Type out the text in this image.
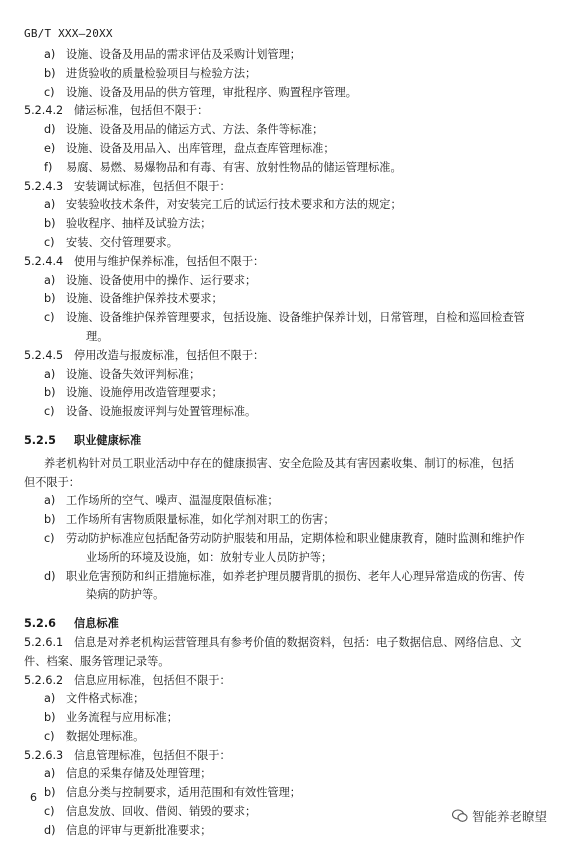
GB/T XXX—20XX
a) 设施、设备及用品的需求评估及采购计划管理；
b) 进货验收的质量检验项目与检验方法；
c)	设施、设备及用品的供方管理，审批程序、购置程序管理。
5.2.4.2 储运标准，包括但不限于：
d) 设施、设备及用品的储运方式、方法、条件等标准；
e) 设施、设备及用品入、出库管理，盘点查库管理标准；
f)	易腐、易燃、易爆物品和有毒、有害、放射性物品的储运管理标准。
5.2.4.3 安装调试标准，包括但不限于：
a) 安装验收技术条件，对安装完工后的试运行技术要求和方法的规定；
b) 验收程序、抽样及试验方法；
c)	安装、交付管理要求。
5.2.4.4 使用与维护保养标准，包括但不限于：
a) 设施、设备使用中的操作、运行要求；
b) 设施、设备维护保养技术要求；
c)	设施、设备维护保养管理要求，包括设施、设备维护保养计划，日常管理，自检和巡回检查管
理。
5.2.4.5 停用改造与报废标准，包括但不限于：
a) 设施、设备失效评判标准；
b) 设施、设施停用改造管理要求；
c)	设备、设施报废评判与处置管理标准。
5.2.5 职业健康标准
养老机构针对员工职业活动中存在的健康损害、安全危险及其有害因素收集、制订的标准，包括
但不限于：
a) 工作场所的空气、噪声、温湿度限值标准；
b) 工作场所有害物质限量标准，如化学剂对职工的伤害；
c)	劳动防护标准应包括配备劳动防护服装和用品，定期体检和职业健康教育，随时监测和维护作
业场所的环境及设施，如：放射专业人员防护等；
d) 职业危害预防和纠正措施标准，如养老护理员腰背肌的损伤、老年人心理异常造成的伤害、传
染病的防护等。
5.2.6 信息标准
5.2.6.1 信息是对养老机构运营管理具有参考价值的数据资料，包括：电子数据信息、网络信息、文
件、档案、服务管理记录等。
5.2.6.2 信息应用标准，包括但不限于：
a) 文件格式标准；
b) 业务流程与应用标准；
c)	数据处理标准。
5.2.6.3 信息管理标准，包括但不限于：
a) 信息的采集存储及处理管理；
b) 信息分类与控制要求，适用范围和有效性管理；
c)	信息发放、回收、借阅、销毁的要求；
d) 信息的评审与更新批准要求；
6
智能养老瞭望
